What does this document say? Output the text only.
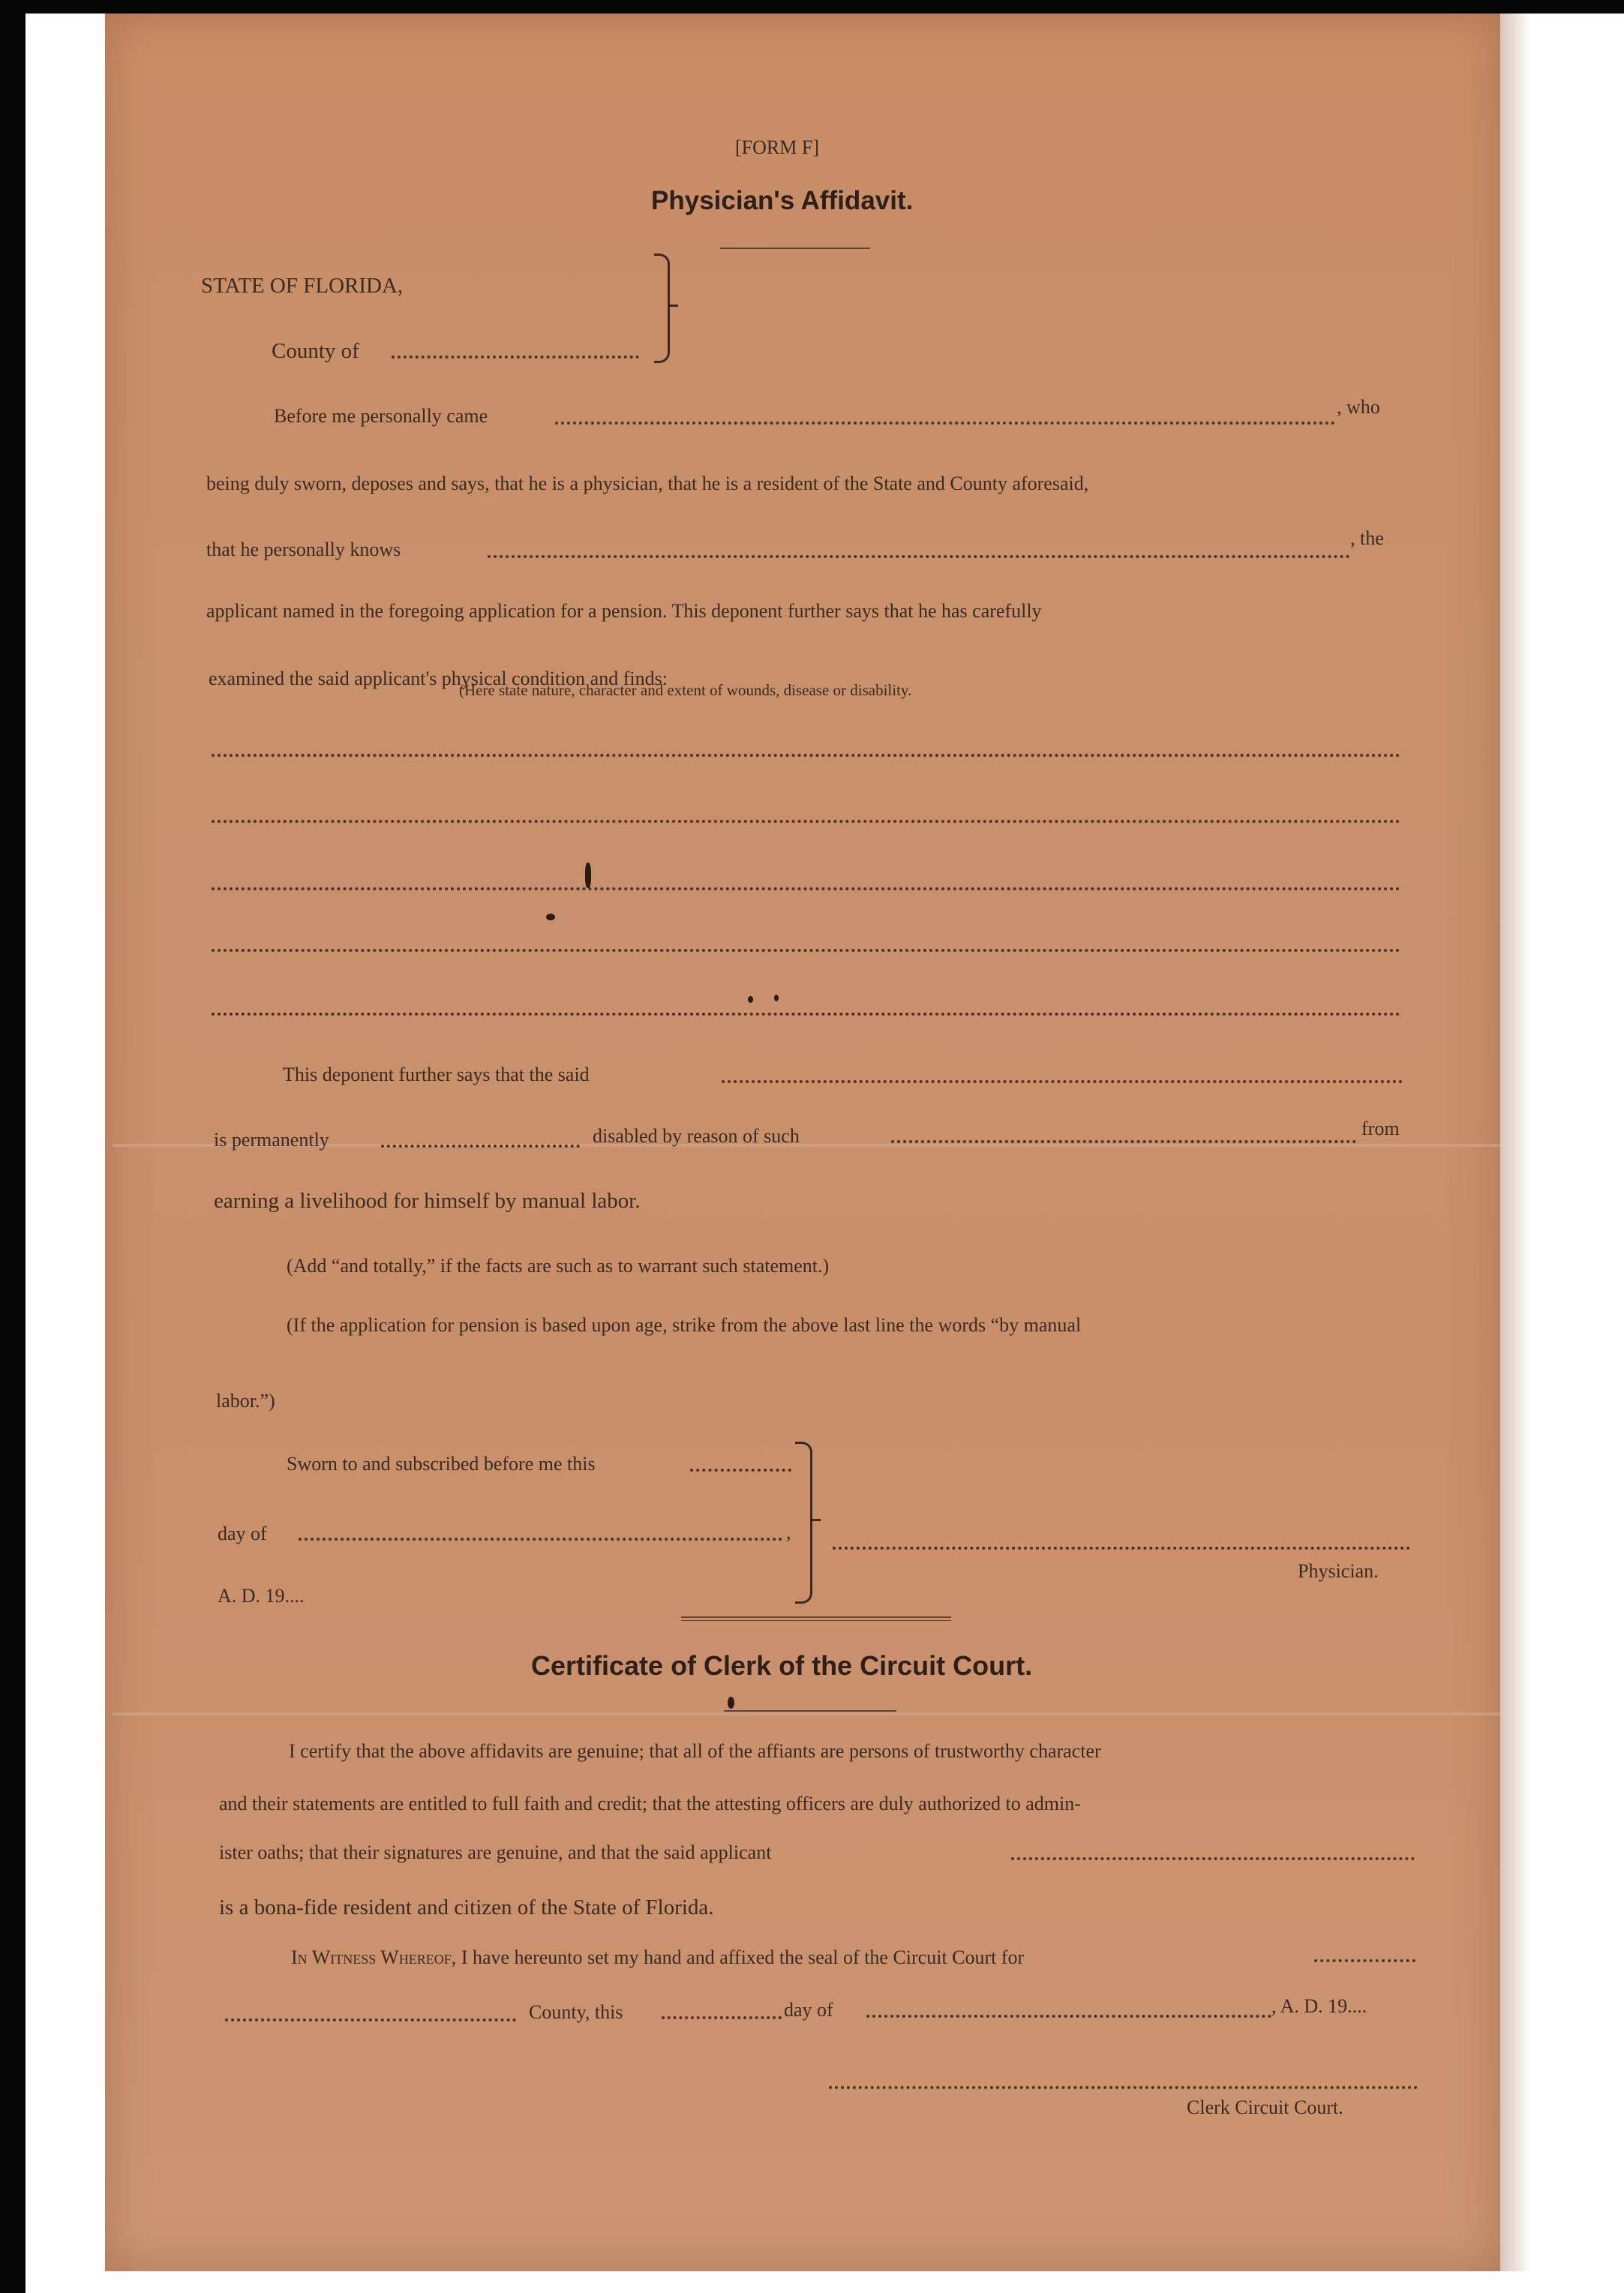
[FORM F]
Physician's Affidavit.
STATE OF FLORIDA,
County of
Before me personally came	, who
being duly sworn, deposes and says, that he is a physician, that he is a resident of the State and County aforesaid,
that he personally knows
, the
applicant named in the foregoing application for a pension. This deponent further says that he has carefully
examined the said applicant's physical condition and finds:
(Here state nature, character and extent of wounds, disease or disability.
This deponent further says that the said
is permanently	disabled by reason of such	from
earning a livelihood for himself by manual labor.
(Add “and totally,” if the facts are such as to warrant such statement.)
(If the application for pension is based upon age, strike from the above last line the words “by manual
labor.”)
Sworn to and subscribed before me this
day of	,
A. D. 19....
Physician.
Certificate of Clerk of the Circuit Court.
I certify that the above affidavits are genuine; that all of the affiants are persons of trustworthy character
and their statements are entitled to full faith and credit; that the attesting officers are duly authorized to admin-
ister oaths; that their signatures are genuine, and that the said applicant
is a bona-fide resident and citizen of the State of Florida.
In Witness Whereof, I have hereunto set my hand and affixed the seal of the Circuit Court for
County, this	day of	, A. D. 19....
Clerk Circuit Court.
